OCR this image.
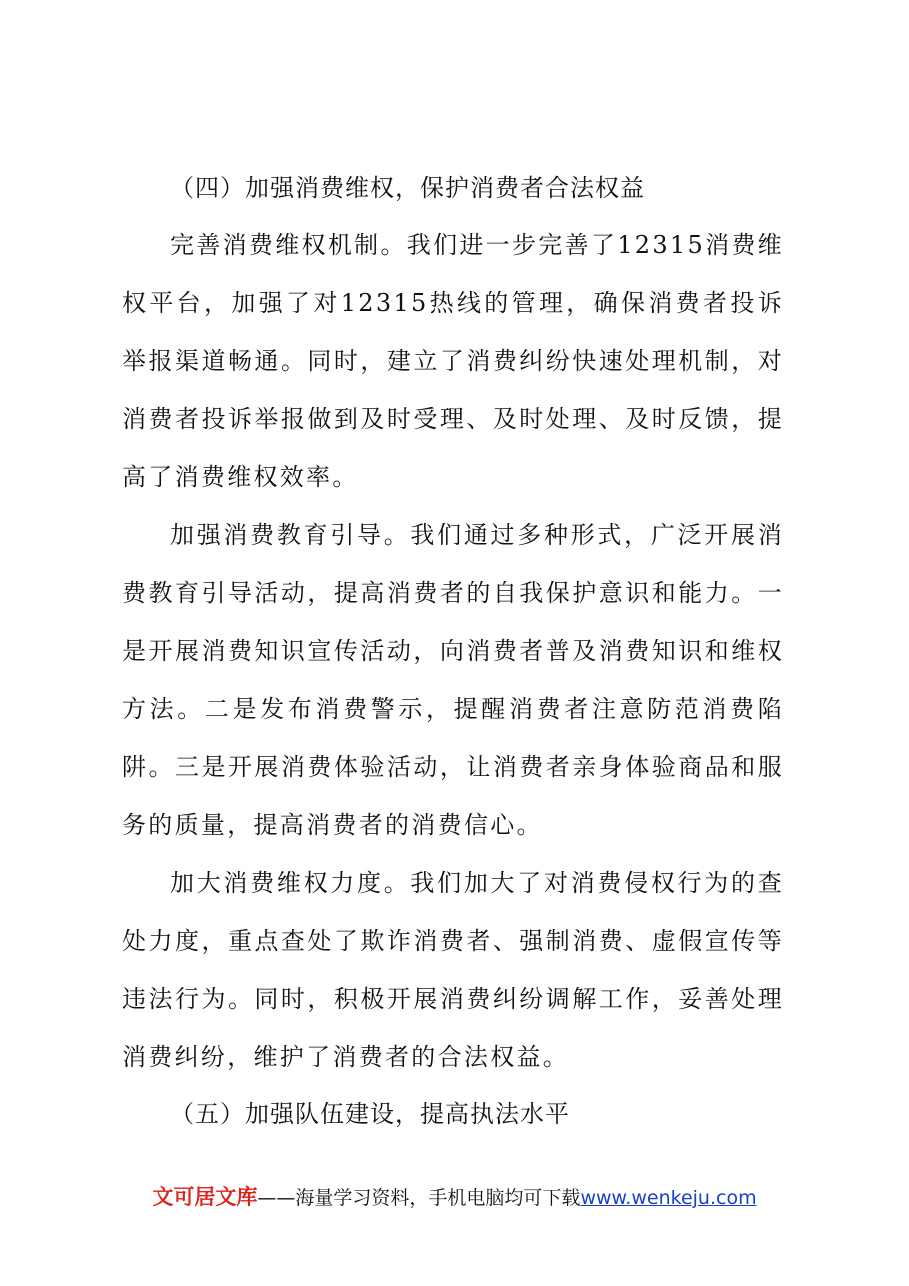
（四）加强消费维权，保护消费者合法权益

完善消费维权机制。我们进一步完善了12315消费维权平台，加强了对12315热线的管理，确保消费者投诉举报渠道畅通。同时，建立了消费纠纷快速处理机制，对消费者投诉举报做到及时受理、及时处理、及时反馈，提高了消费维权效率。

加强消费教育引导。我们通过多种形式，广泛开展消费教育引导活动，提高消费者的自我保护意识和能力。一是开展消费知识宣传活动，向消费者普及消费知识和维权方法。二是发布消费警示，提醒消费者注意防范消费陷阱。三是开展消费体验活动，让消费者亲身体验商品和服务的质量，提高消费者的消费信心。

加大消费维权力度。我们加大了对消费侵权行为的查处力度，重点查处了欺诈消费者、强制消费、虚假宣传等违法行为。同时，积极开展消费纠纷调解工作，妥善处理消费纠纷，维护了消费者的合法权益。

（五）加强队伍建设，提高执法水平
文可居文库——海量学习资料，手机电脑均可下载www.wenkeju.com
